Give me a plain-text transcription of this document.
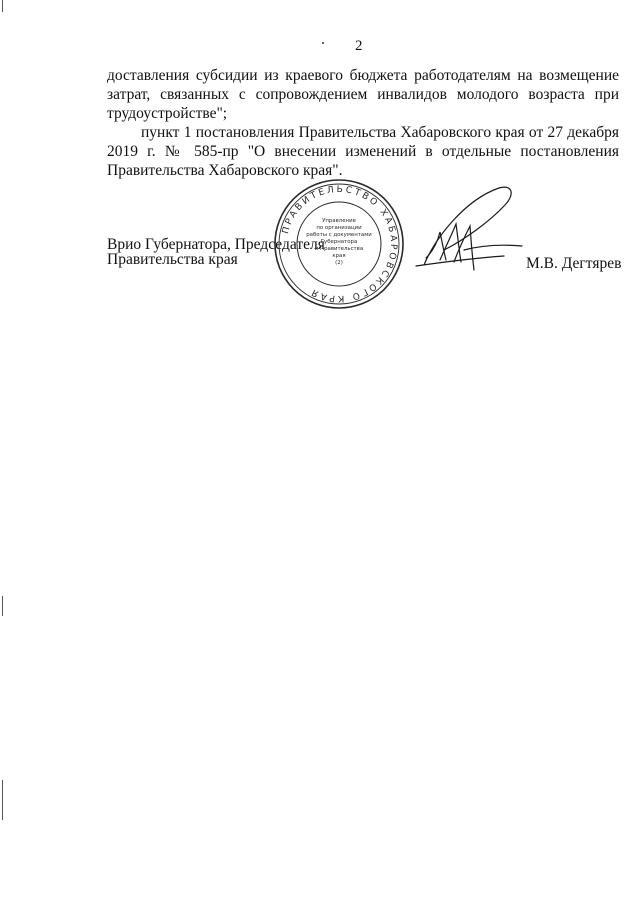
2
доставления субсидии из краевого бюджета работодателям на возмещение затрат, связанных с сопровождением инвалидов молодого возраста при трудоустройстве";
пункт 1 постановления Правительства Хабаровского края от 27 декабря 2019 г. № 585-пр "О внесении изменений в отдельные постановления Правительства Хабаровского края".
Врио Губернатора, Председателя
Правительства края
ПРАВИТЕЛЬСТВО ХАБАРОВСКОГО КРАЯ
Управление
по организации
работы с документами
Губернатора
и Правительства
края
(2)	М.В. Дегтярев
